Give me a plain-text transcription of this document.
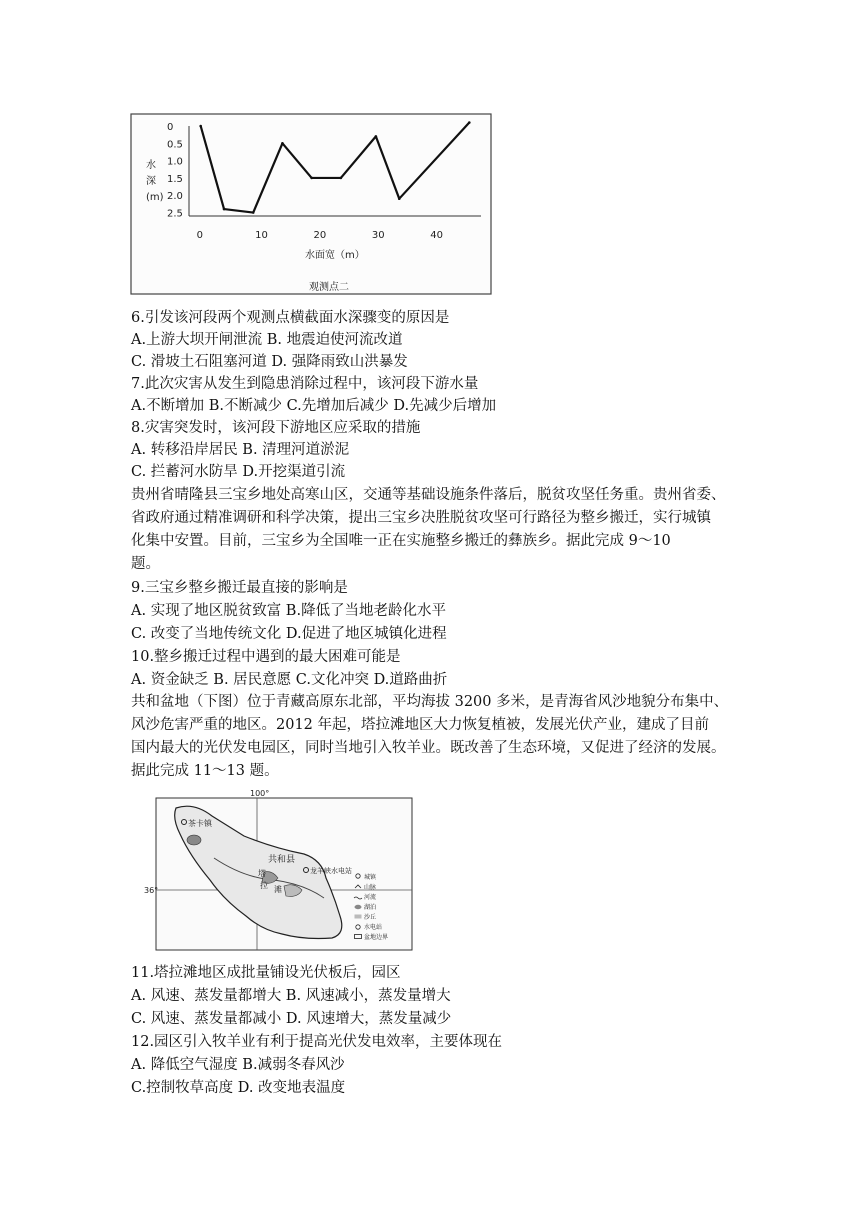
0
0.5
1.0
1.5
2.0
2.5
0	10	20	30	40
水
深
(m)
水面宽（m）
观测点二
6.引发该河段两个观测点横截面水深骤变的原因是
A.上游大坝开闸泄流 B. 地震迫使河流改道
C. 滑坡土石阻塞河道 D. 强降雨致山洪暴发
7.此次灾害从发生到隐患消除过程中，该河段下游水量
A.不断增加 B.不断减少 C.先增加后减少 D.先减少后增加
8.灾害突发时，该河段下游地区应采取的措施
A. 转移沿岸居民 B. 清理河道淤泥
C. 拦蓄河水防旱 D.开挖渠道引流
贵州省晴隆县三宝乡地处高寒山区，交通等基础设施条件落后，脱贫攻坚任务重。贵州省委、
省政府通过精准调研和科学决策，提出三宝乡决胜脱贫攻坚可行路径为整乡搬迁，实行城镇
化集中安置。目前，三宝乡为全国唯一正在实施整乡搬迁的彝族乡。据此完成 9～10
题。
9.三宝乡整乡搬迁最直接的影响是
A. 实现了地区脱贫致富 B.降低了当地老龄化水平
C. 改变了当地传统文化 D.促进了地区城镇化进程
10.整乡搬迁过程中遇到的最大困难可能是
A. 资金缺乏 B. 居民意愿 C.文化冲突 D.道路曲折
共和盆地（下图）位于青藏高原东北部，平均海拔 3200 多米，是青海省风沙地貌分布集中、
风沙危害严重的地区。2012 年起，塔拉滩地区大力恢复植被，发展光伏产业，建成了目前
国内最大的光伏发电园区，同时当地引入牧羊业。既改善了生态环境，又促进了经济的发展。
据此完成 11～13 题。
100°
36°
茶卡镇
共和县
龙羊峡水电站
塔
拉 滩
城镇
山脉
河流
湖泊
沙丘
水电站
盆地边界
11.塔拉滩地区成批量铺设光伏板后，园区
A. 风速、蒸发量都增大 B. 风速减小，蒸发量增大
C. 风速、蒸发量都减小 D. 风速增大，蒸发量减少
12.园区引入牧羊业有利于提高光伏发电效率，主要体现在
A. 降低空气湿度 B.减弱冬春风沙
C.控制牧草高度 D. 改变地表温度
